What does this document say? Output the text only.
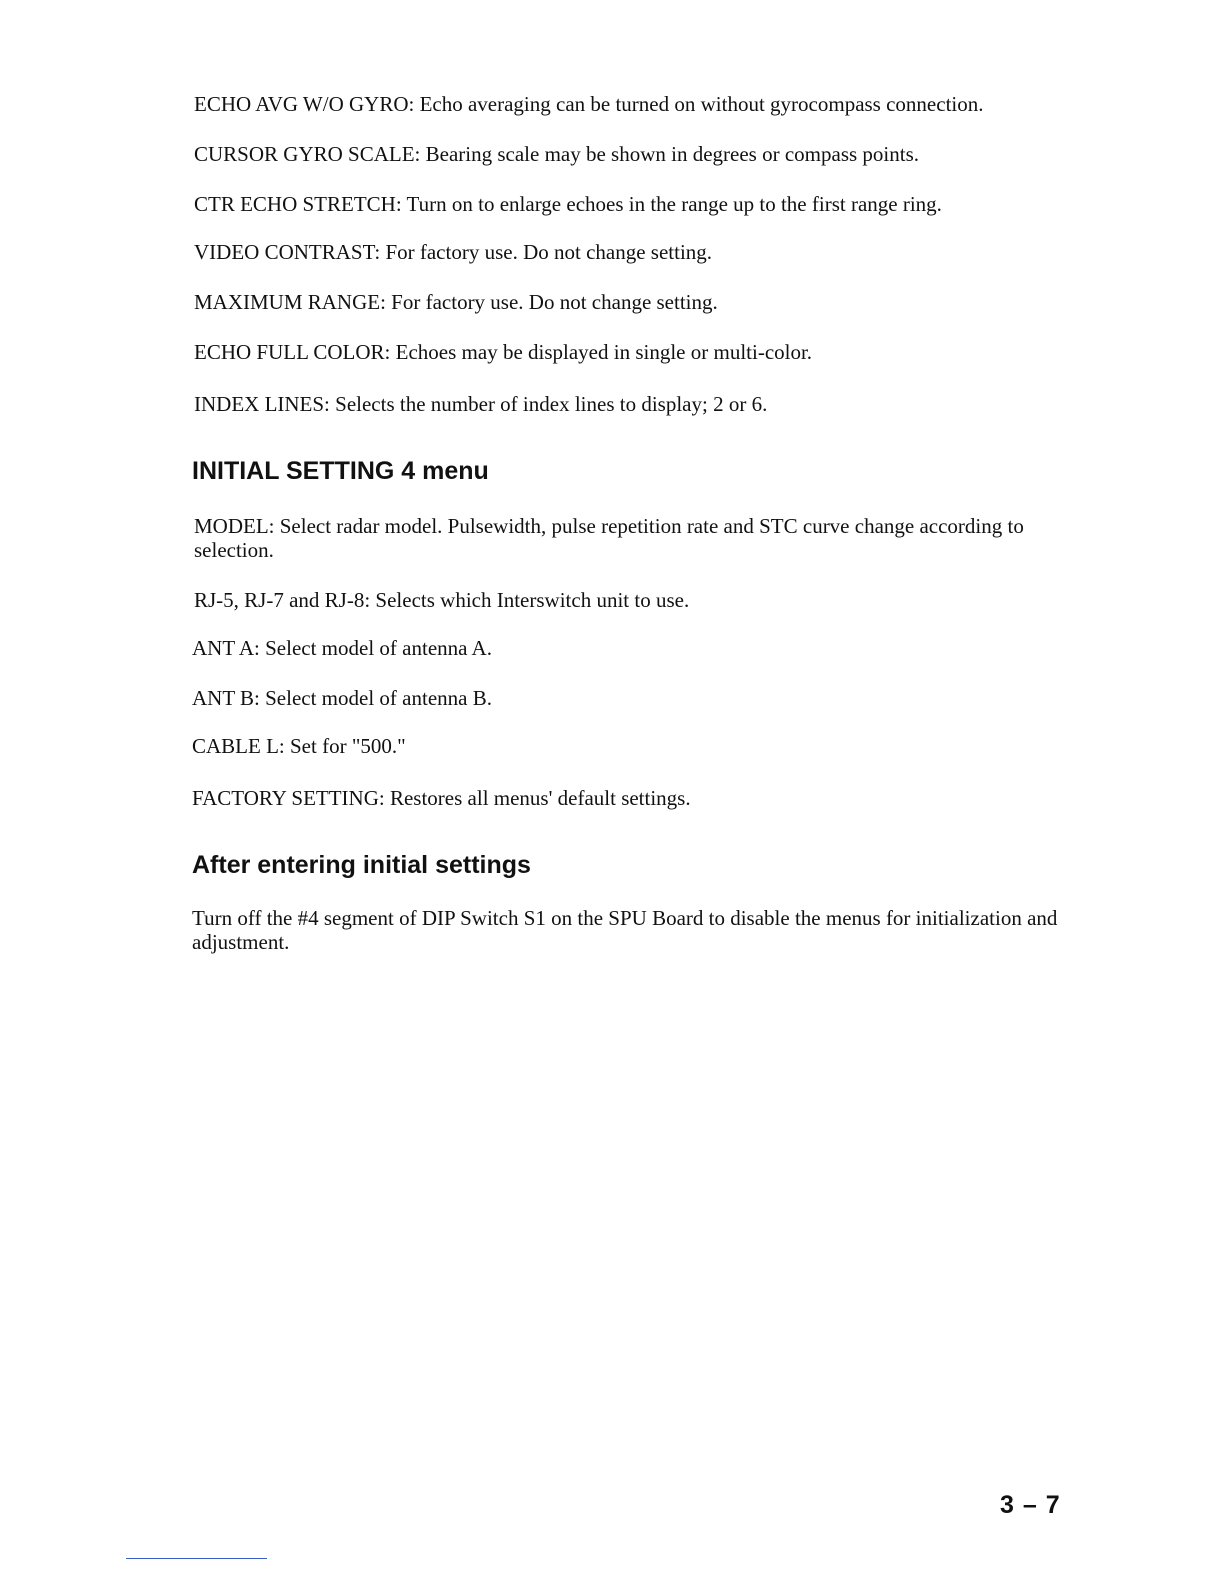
ECHO AVG W/O GYRO: Echo averaging can be turned on without gyrocompass connection.

CURSOR GYRO SCALE: Bearing scale may be shown in degrees or compass points.

CTR ECHO STRETCH: Turn on to enlarge echoes in the range up to the first range ring.

VIDEO CONTRAST: For factory use. Do not change setting.

MAXIMUM RANGE: For factory use. Do not change setting.

ECHO FULL COLOR: Echoes may be displayed in single or multi-color.

INDEX LINES: Selects the number of index lines to display; 2 or 6.

INITIAL SETTING 4 menu

MODEL: Select radar model. Pulsewidth, pulse repetition rate and STC curve change according to selection.

RJ-5, RJ-7 and RJ-8: Selects which Interswitch unit to use.

ANT A: Select model of antenna A.

ANT B: Select model of antenna B.

CABLE L: Set for "500."

FACTORY SETTING: Restores all menus' default settings.

After entering initial settings

Turn off the #4 segment of DIP Switch S1 on the SPU Board to disable the menus for initialization and adjustment.

3 – 7
